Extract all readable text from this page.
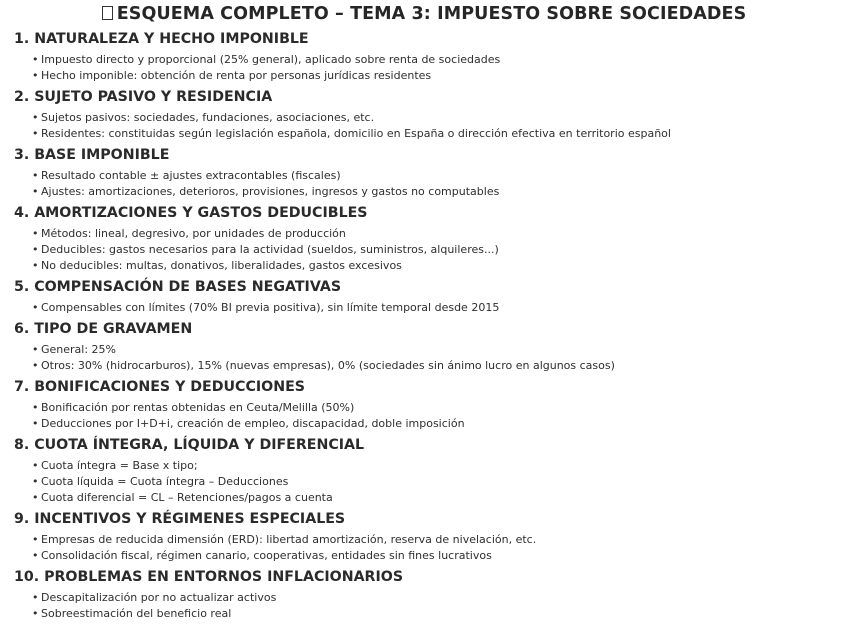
ESQUEMA COMPLETO – TEMA 3: IMPUESTO SOBRE SOCIEDADES
1. NATURALEZA Y HECHO IMPONIBLE
• Impuesto directo y proporcional (25% general), aplicado sobre renta de sociedades
• Hecho imponible: obtención de renta por personas jurídicas residentes
2. SUJETO PASIVO Y RESIDENCIA
• Sujetos pasivos: sociedades, fundaciones, asociaciones, etc.
• Residentes: constituidas según legislación española, domicilio en España o dirección efectiva en territorio español
3. BASE IMPONIBLE
• Resultado contable ± ajustes extracontables (fiscales)
• Ajustes: amortizaciones, deterioros, provisiones, ingresos y gastos no computables
4. AMORTIZACIONES Y GASTOS DEDUCIBLES
• Métodos: lineal, degresivo, por unidades de producción
• Deducibles: gastos necesarios para la actividad (sueldos, suministros, alquileres...)
• No deducibles: multas, donativos, liberalidades, gastos excesivos
5. COMPENSACIÓN DE BASES NEGATIVAS
• Compensables con límites (70% BI previa positiva), sin límite temporal desde 2015
6. TIPO DE GRAVAMEN
• General: 25%
• Otros: 30% (hidrocarburos), 15% (nuevas empresas), 0% (sociedades sin ánimo lucro en algunos casos)
7. BONIFICACIONES Y DEDUCCIONES
• Bonificación por rentas obtenidas en Ceuta/Melilla (50%)
• Deducciones por I+D+i, creación de empleo, discapacidad, doble imposición
8. CUOTA ÍNTEGRA, LÍQUIDA Y DIFERENCIAL
• Cuota íntegra = Base x tipo;
• Cuota líquida = Cuota íntegra – Deducciones
• Cuota diferencial = CL – Retenciones/pagos a cuenta
9. INCENTIVOS Y RÉGIMENES ESPECIALES
• Empresas de reducida dimensión (ERD): libertad amortización, reserva de nivelación, etc.
• Consolidación fiscal, régimen canario, cooperativas, entidades sin fines lucrativos
10. PROBLEMAS EN ENTORNOS INFLACIONARIOS
• Descapitalización por no actualizar activos
• Sobreestimación del beneficio real
